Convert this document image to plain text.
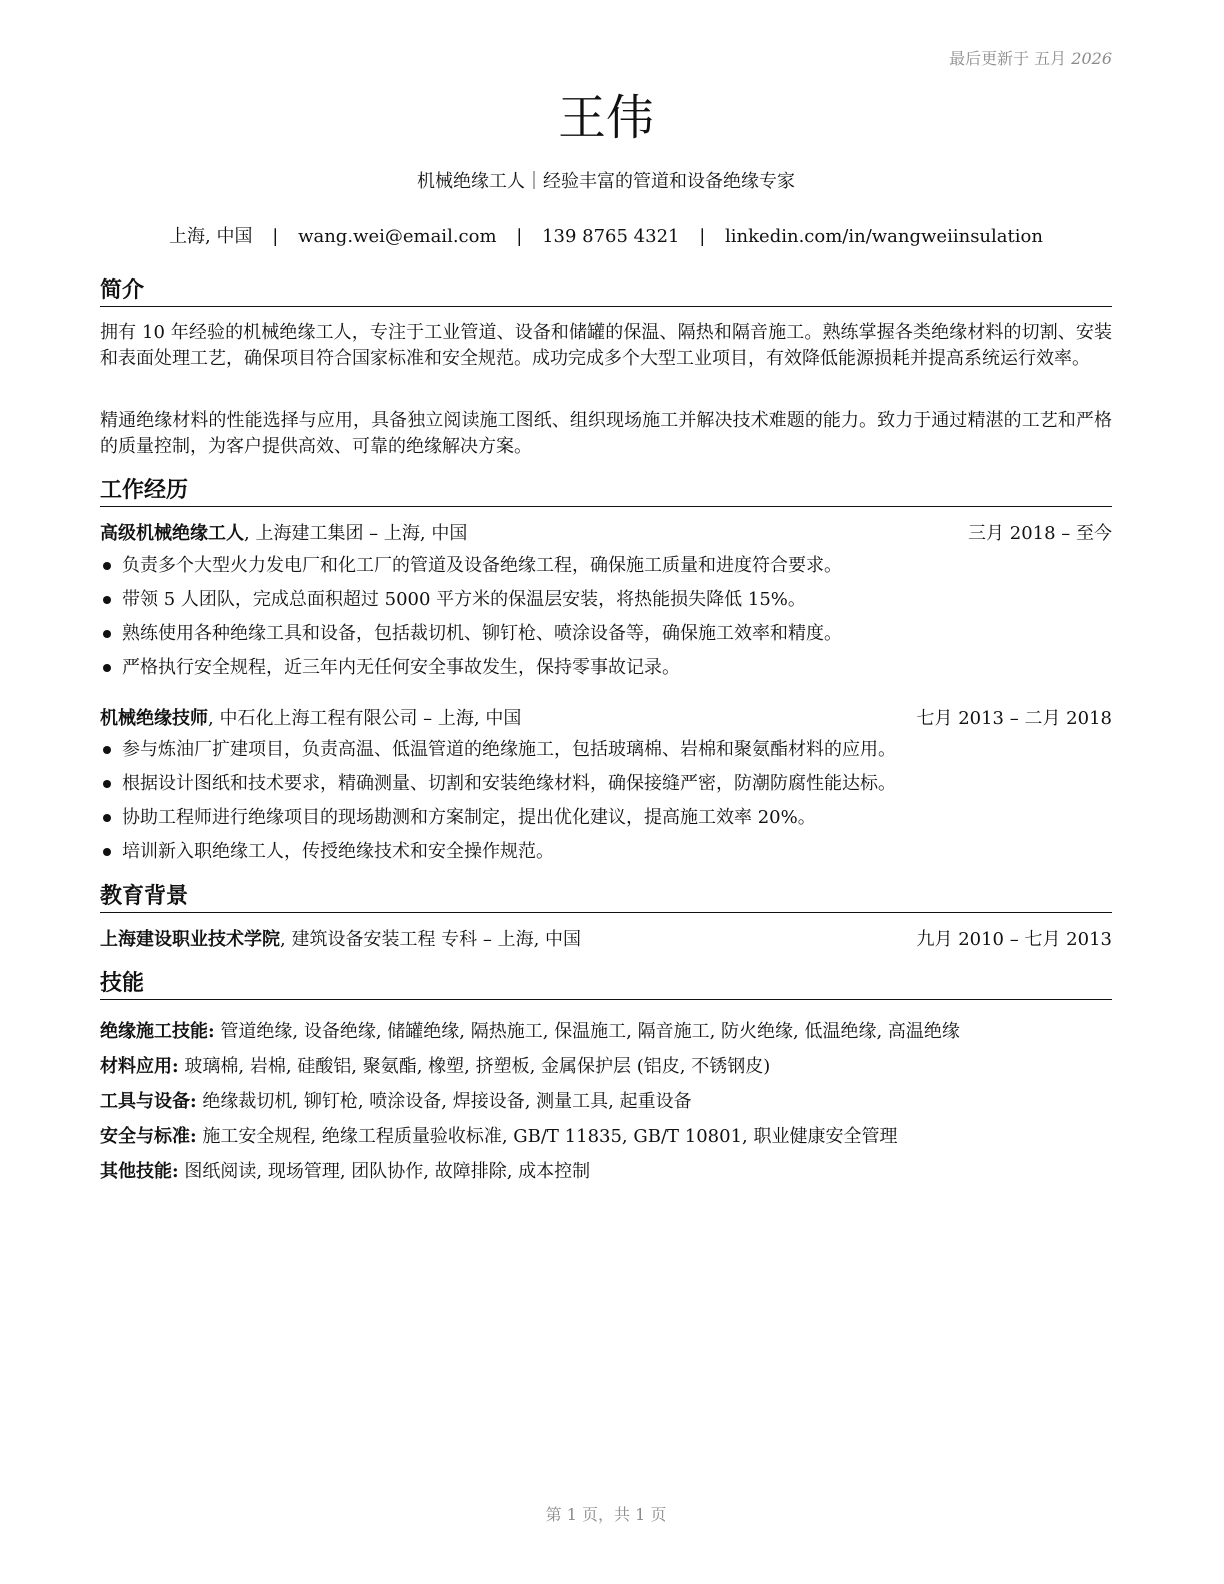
最后更新于 五月 2026
王伟
机械绝缘工人｜经验丰富的管道和设备绝缘专家
上海, 中国 | wang.wei@email.com | 139 8765 4321 | linkedin.com/in/wangweiinsulation
简介
拥有 10 年经验的机械绝缘工人，专注于工业管道、设备和储罐的保温、隔热和隔音施工。熟练掌握各类绝缘材料的切割、安装和表面处理工艺，确保项目符合国家标准和安全规范。成功完成多个大型工业项目，有效降低能源损耗并提高系统运行效率。
精通绝缘材料的性能选择与应用，具备独立阅读施工图纸、组织现场施工并解决技术难题的能力。致力于通过精湛的工艺和严格的质量控制，为客户提供高效、可靠的绝缘解决方案。
工作经历
高级机械绝缘工人, 上海建工集团 – 上海, 中国	三月 2018 – 至今
负责多个大型火力发电厂和化工厂的管道及设备绝缘工程，确保施工质量和进度符合要求。
带领 5 人团队，完成总面积超过 5000 平方米的保温层安装，将热能损失降低 15%。
熟练使用各种绝缘工具和设备，包括裁切机、铆钉枪、喷涂设备等，确保施工效率和精度。
严格执行安全规程，近三年内无任何安全事故发生，保持零事故记录。
机械绝缘技师, 中石化上海工程有限公司 – 上海, 中国	七月 2013 – 二月 2018
参与炼油厂扩建项目，负责高温、低温管道的绝缘施工，包括玻璃棉、岩棉和聚氨酯材料的应用。
根据设计图纸和技术要求，精确测量、切割和安装绝缘材料，确保接缝严密，防潮防腐性能达标。
协助工程师进行绝缘项目的现场勘测和方案制定，提出优化建议，提高施工效率 20%。
培训新入职绝缘工人，传授绝缘技术和安全操作规范。
教育背景
上海建设职业技术学院, 建筑设备安装工程 专科 – 上海, 中国	九月 2010 – 七月 2013
技能
绝缘施工技能: 管道绝缘, 设备绝缘, 储罐绝缘, 隔热施工, 保温施工, 隔音施工, 防火绝缘, 低温绝缘, 高温绝缘
材料应用: 玻璃棉, 岩棉, 硅酸铝, 聚氨酯, 橡塑, 挤塑板, 金属保护层 (铝皮, 不锈钢皮)
工具与设备: 绝缘裁切机, 铆钉枪, 喷涂设备, 焊接设备, 测量工具, 起重设备
安全与标准: 施工安全规程, 绝缘工程质量验收标准, GB/T 11835, GB/T 10801, 职业健康安全管理
其他技能: 图纸阅读, 现场管理, 团队协作, 故障排除, 成本控制
第 1 页，共 1 页
